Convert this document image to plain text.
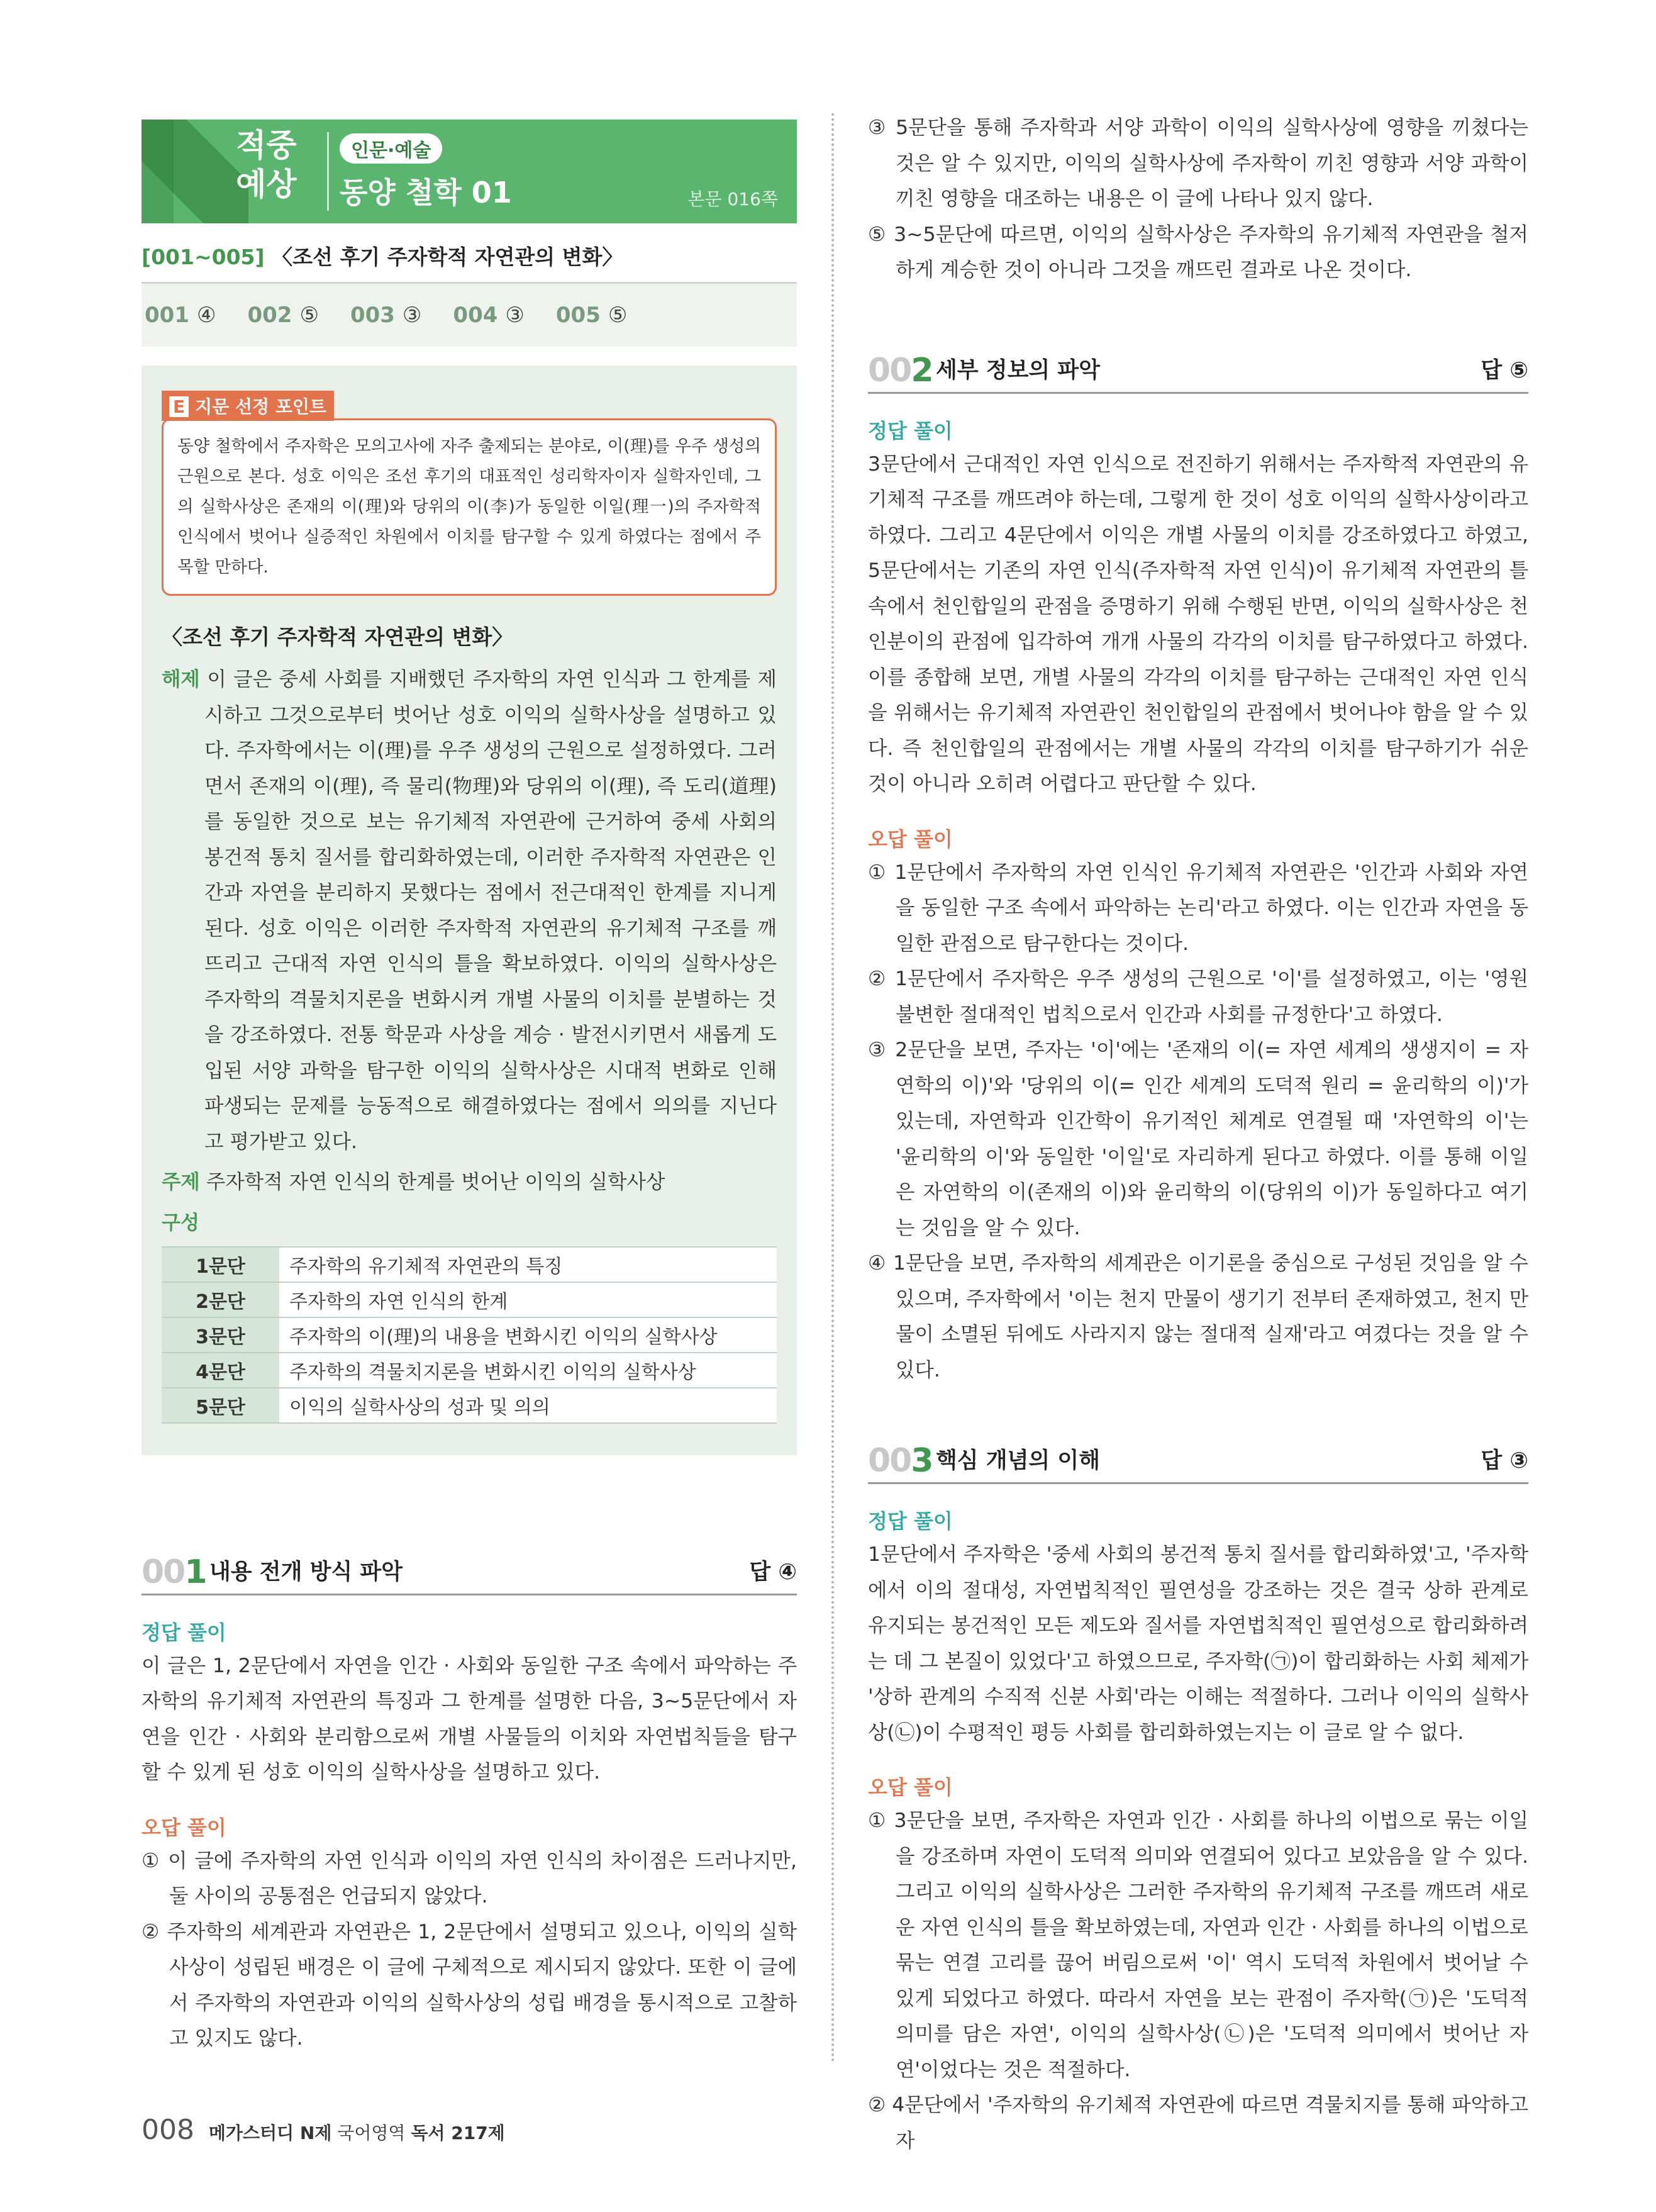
적중
예상
인문·예술
동양 철학 01	본문 016쪽
[001~005] 〈조선 후기 주자학적 자연관의 변화〉
001 ④ 002 ⑤ 003 ③ 004 ③ 005 ⑤
E 지문 선정 포인트
동양 철학에서 주자학은 모의고사에 자주 출제되는 분야로, 이(理)를 우주 생성의 근원으로 본다. 성호 이익은 조선 후기의 대표적인 성리학자이자 실학자인데, 그의 실학사상은 존재의 이(理)와 당위의 이(李)가 동일한 이일(理一)의 주자학적 인식에서 벗어나 실증적인 차원에서 이치를 탐구할 수 있게 하였다는 점에서 주목할 만하다.
〈조선 후기 주자학적 자연관의 변화〉
해제 이 글은 중세 사회를 지배했던 주자학의 자연 인식과 그 한계를 제시하고 그것으로부터 벗어난 성호 이익의 실학사상을 설명하고 있다. 주자학에서는 이(理)를 우주 생성의 근원으로 설정하였다. 그러면서 존재의 이(理), 즉 물리(物理)와 당위의 이(理), 즉 도리(道理)를 동일한 것으로 보는 유기체적 자연관에 근거하여 중세 사회의 봉건적 통치 질서를 합리화하였는데, 이러한 주자학적 자연관은 인간과 자연을 분리하지 못했다는 점에서 전근대적인 한계를 지니게 된다. 성호 이익은 이러한 주자학적 자연관의 유기체적 구조를 깨뜨리고 근대적 자연 인식의 틀을 확보하였다. 이익의 실학사상은 주자학의 격물치지론을 변화시켜 개별 사물의 이치를 분별하는 것을 강조하였다. 전통 학문과 사상을 계승 · 발전시키면서 새롭게 도입된 서양 과학을 탐구한 이익의 실학사상은 시대적 변화로 인해 파생되는 문제를 능동적으로 해결하였다는 점에서 의의를 지닌다고 평가받고 있다.
주제 주자학적 자연 인식의 한계를 벗어난 이익의 실학사상
구성
1문단	주자학의 유기체적 자연관의 특징
2문단	주자학의 자연 인식의 한계
3문단	주자학의 이(理)의 내용을 변화시킨 이익의 실학사상
4문단	주자학의 격물치지론을 변화시킨 이익의 실학사상
5문단	이익의 실학사상의 성과 및 의의
001 내용 전개 방식 파악	답 ④
정답 풀이
이 글은 1, 2문단에서 자연을 인간 · 사회와 동일한 구조 속에서 파악하는 주자학의 유기체적 자연관의 특징과 그 한계를 설명한 다음, 3~5문단에서 자연을 인간 · 사회와 분리함으로써 개별 사물들의 이치와 자연법칙들을 탐구할 수 있게 된 성호 이익의 실학사상을 설명하고 있다.
오답 풀이
① 이 글에 주자학의 자연 인식과 이익의 자연 인식의 차이점은 드러나지만, 둘 사이의 공통점은 언급되지 않았다.
② 주자학의 세계관과 자연관은 1, 2문단에서 설명되고 있으나, 이익의 실학사상이 성립된 배경은 이 글에 구체적으로 제시되지 않았다. 또한 이 글에서 주자학의 자연관과 이익의 실학사상의 성립 배경을 통시적으로 고찰하고 있지도 않다.
③ 5문단을 통해 주자학과 서양 과학이 이익의 실학사상에 영향을 끼쳤다는 것은 알 수 있지만, 이익의 실학사상에 주자학이 끼친 영향과 서양 과학이 끼친 영향을 대조하는 내용은 이 글에 나타나 있지 않다.
⑤ 3~5문단에 따르면, 이익의 실학사상은 주자학의 유기체적 자연관을 철저하게 계승한 것이 아니라 그것을 깨뜨린 결과로 나온 것이다.
002 세부 정보의 파악	답 ⑤
정답 풀이
3문단에서 근대적인 자연 인식으로 전진하기 위해서는 주자학적 자연관의 유기체적 구조를 깨뜨려야 하는데, 그렇게 한 것이 성호 이익의 실학사상이라고 하였다. 그리고 4문단에서 이익은 개별 사물의 이치를 강조하였다고 하였고, 5문단에서는 기존의 자연 인식(주자학적 자연 인식)이 유기체적 자연관의 틀 속에서 천인합일의 관점을 증명하기 위해 수행된 반면, 이익의 실학사상은 천인분이의 관점에 입각하여 개개 사물의 각각의 이치를 탐구하였다고 하였다. 이를 종합해 보면, 개별 사물의 각각의 이치를 탐구하는 근대적인 자연 인식을 위해서는 유기체적 자연관인 천인합일의 관점에서 벗어나야 함을 알 수 있다. 즉 천인합일의 관점에서는 개별 사물의 각각의 이치를 탐구하기가 쉬운 것이 아니라 오히려 어렵다고 판단할 수 있다.
오답 풀이
① 1문단에서 주자학의 자연 인식인 유기체적 자연관은 '인간과 사회와 자연을 동일한 구조 속에서 파악하는 논리'라고 하였다. 이는 인간과 자연을 동일한 관점으로 탐구한다는 것이다.
② 1문단에서 주자학은 우주 생성의 근원으로 '이'를 설정하였고, 이는 '영원불변한 절대적인 법칙으로서 인간과 사회를 규정한다'고 하였다.
③ 2문단을 보면, 주자는 '이'에는 '존재의 이(= 자연 세계의 생생지이 = 자연학의 이)'와 '당위의 이(= 인간 세계의 도덕적 원리 = 윤리학의 이)'가 있는데, 자연학과 인간학이 유기적인 체계로 연결될 때 '자연학의 이'는 '윤리학의 이'와 동일한 '이일'로 자리하게 된다고 하였다. 이를 통해 이일은 자연학의 이(존재의 이)와 윤리학의 이(당위의 이)가 동일하다고 여기는 것임을 알 수 있다.
④ 1문단을 보면, 주자학의 세계관은 이기론을 중심으로 구성된 것임을 알 수 있으며, 주자학에서 '이는 천지 만물이 생기기 전부터 존재하였고, 천지 만물이 소멸된 뒤에도 사라지지 않는 절대적 실재'라고 여겼다는 것을 알 수 있다.
003 핵심 개념의 이해	답 ③
정답 풀이
1문단에서 주자학은 '중세 사회의 봉건적 통치 질서를 합리화하였'고, '주자학에서 이의 절대성, 자연법칙적인 필연성을 강조하는 것은 결국 상하 관계로 유지되는 봉건적인 모든 제도와 질서를 자연법칙적인 필연성으로 합리화하려는 데 그 본질이 있었다'고 하였으므로, 주자학(㉠)이 합리화하는 사회 체제가 '상하 관계의 수직적 신분 사회'라는 이해는 적절하다. 그러나 이익의 실학사상(㉡)이 수평적인 평등 사회를 합리화하였는지는 이 글로 알 수 없다.
오답 풀이
① 3문단을 보면, 주자학은 자연과 인간 · 사회를 하나의 이법으로 묶는 이일을 강조하며 자연이 도덕적 의미와 연결되어 있다고 보았음을 알 수 있다. 그리고 이익의 실학사상은 그러한 주자학의 유기체적 구조를 깨뜨려 새로운 자연 인식의 틀을 확보하였는데, 자연과 인간 · 사회를 하나의 이법으로 묶는 연결 고리를 끊어 버림으로써 '이' 역시 도덕적 차원에서 벗어날 수 있게 되었다고 하였다. 따라서 자연을 보는 관점이 주자학(㉠)은 '도덕적 의미를 담은 자연', 이익의 실학사상(㉡)은 '도덕적 의미에서 벗어난 자연'이었다는 것은 적절하다.
② 4문단에서 '주자학의 유기체적 자연관에 따르면 격물치지를 통해 파악하고자
008 메가스터디 N제 국어영역 독서 217제
